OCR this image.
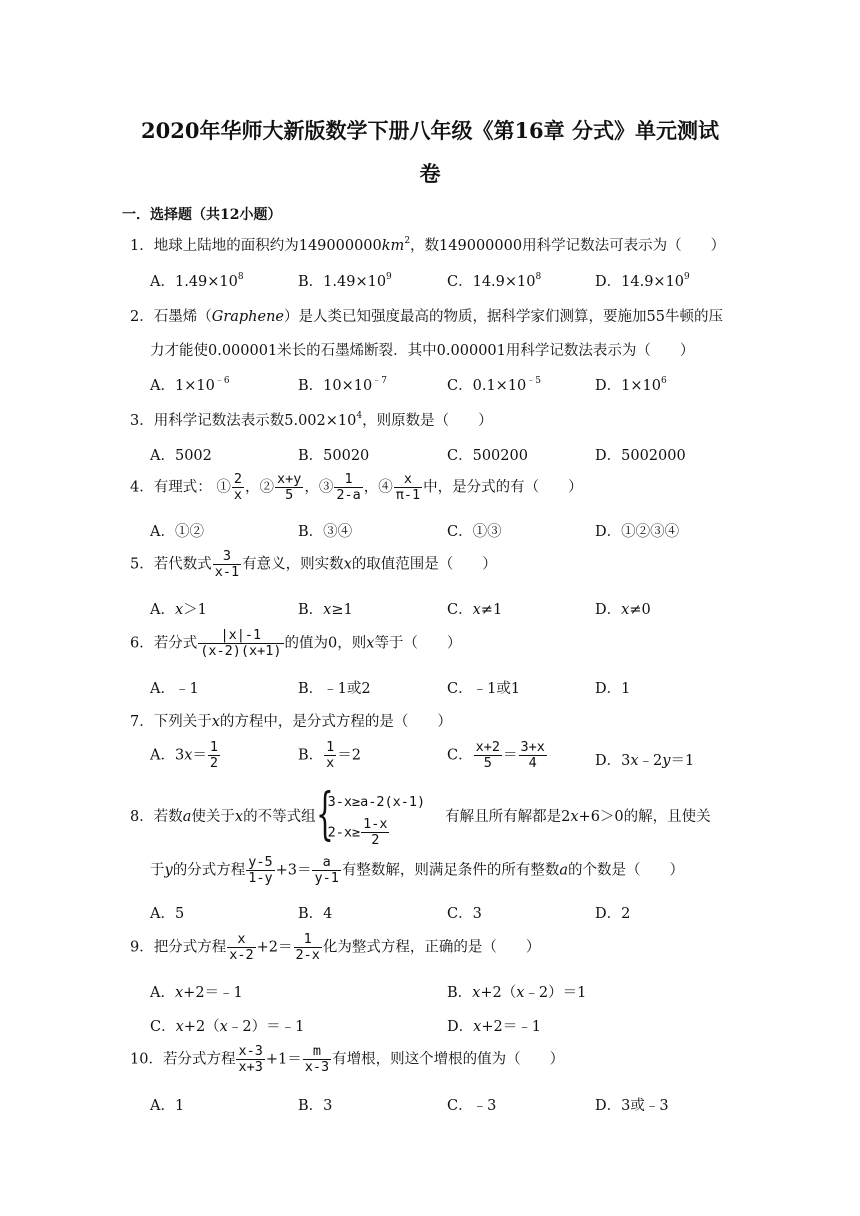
2020年华师大新版数学下册八年级《第16章 分式》单元测试
卷
一．选择题（共12小题）
1．地球上陆地的面积约为$149000000km^2$，数149000000用科学记数法可表示为（　　）
A．$1.49\times 10^8$	B．$1.49\times 10^9$	C．$14.9\times 10^8$	D．$14.9\times 10^9$
2．石墨烯（Graphene）是人类已知强度最高的物质，据科学家们测算，要施加55牛顿的压
力才能使0.000001米长的石墨烯断裂．其中0.000001用科学记数法表示为（　　）
A．$1\times 10^{﹣6}$	B．$10\times 10^{﹣7}$	C．$0.1\times 10^{﹣5}$	D．$1\times 10^6$
3．用科学记数法表示数$5.002\times 10^4$，则原数是（　　）
A．5002	B．50020	C．500200	D．5002000
4．有理式： ① $\frac{2}{x}$ ，② $\frac{x+y}{5}$ ，③ $\frac{1}{2-a}$ ，④ $\frac{x}{\pi-1}$ 中，是分式的有（　　）
A．①②	B．③④	C．①③	D．①②③④
5．若代数式 $\frac{3}{x-1}$ 有意义，则实数x的取值范围是（　　）
A．x＞1	B．x≥1	C．x≠1	D．x≠0
6．若分式 $\frac{|x|-1}{(x-2)(x+1)}$ 的值为0，则x等于（　　）
A．﹣1	B．﹣1或2	C．﹣1或1	D．1
7．下列关于x的方程中，是分式方程的是（　　）
A．$3x= \frac{1}{2}$	B． $\frac{1}{x} =2$	C． $\frac{x+2}{5} = \frac{3+x}{4}$	D．3x﹣2y＝1
8．若数a使关于x的不等式组 {
3-x≥a-2(x-1)
$2-x\ge \frac{1-x}{2}$	有解且所有解都是2x+6＞0的解，且使关
于y的分式方程 $\frac{y-5}{1-y} +3= \frac{a}{y-1}$ 有整数解，则满足条件的所有整数a的个数是（　　）
A．5	B．4	C．3	D．2
9．把分式方程 $\frac{x}{x-2} +2= \frac{1}{2-x}$ 化为整式方程，正确的是（　　）
A．x+2＝﹣1	B．x+2（x﹣2）＝1
C．x+2（x﹣2）＝﹣1	D．x+2＝﹣1
10．若分式方程 $\frac{x-3}{x+3} +1= \frac{m}{x-3}$ 有增根，则这个增根的值为（　　）
A．1	B．3	C．﹣3	D．3或﹣3
